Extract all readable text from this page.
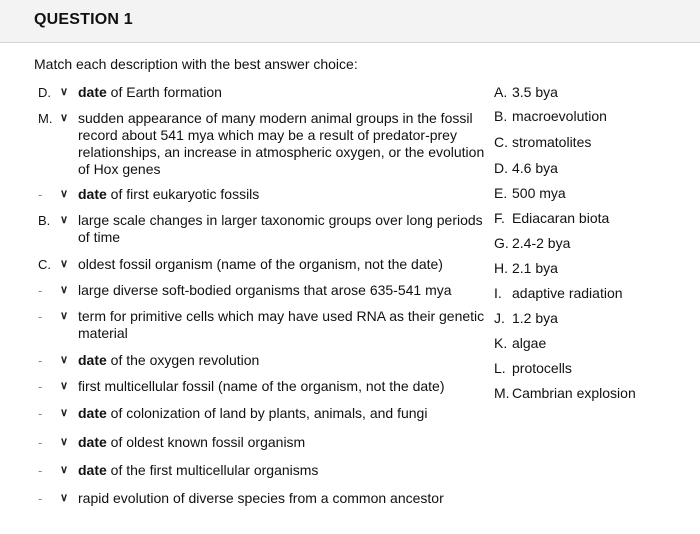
QUESTION 1
Match each description with the best answer choice:
D. ∨ date of Earth formation
M. ∨ sudden appearance of many modern animal groups in the fossil record about 541 mya which may be a result of predator-prey relationships, an increase in atmospheric oxygen, or the evolution of Hox genes
- ∨ date of first eukaryotic fossils
B. ∨ large scale changes in larger taxonomic groups over long periods of time
C. ∨ oldest fossil organism (name of the organism, not the date)
- ∨ large diverse soft-bodied organisms that arose 635-541 mya
- ∨ term for primitive cells which may have used RNA as their genetic material
- ∨ date of the oxygen revolution
- ∨ first multicellular fossil (name of the organism, not the date)
- ∨ date of colonization of land by plants, animals, and fungi
- ∨ date of oldest known fossil organism
- ∨ date of the first multicellular organisms
- ∨ rapid evolution of diverse species from a common ancestor
A. 3.5 bya
B. macroevolution
C. stromatolites
D. 4.6 bya
E. 500 mya
F. Ediacaran biota
G. 2.4-2 bya
H. 2.1 bya
I. adaptive radiation
J. 1.2 bya
K. algae
L. protocells
M. Cambrian explosion
